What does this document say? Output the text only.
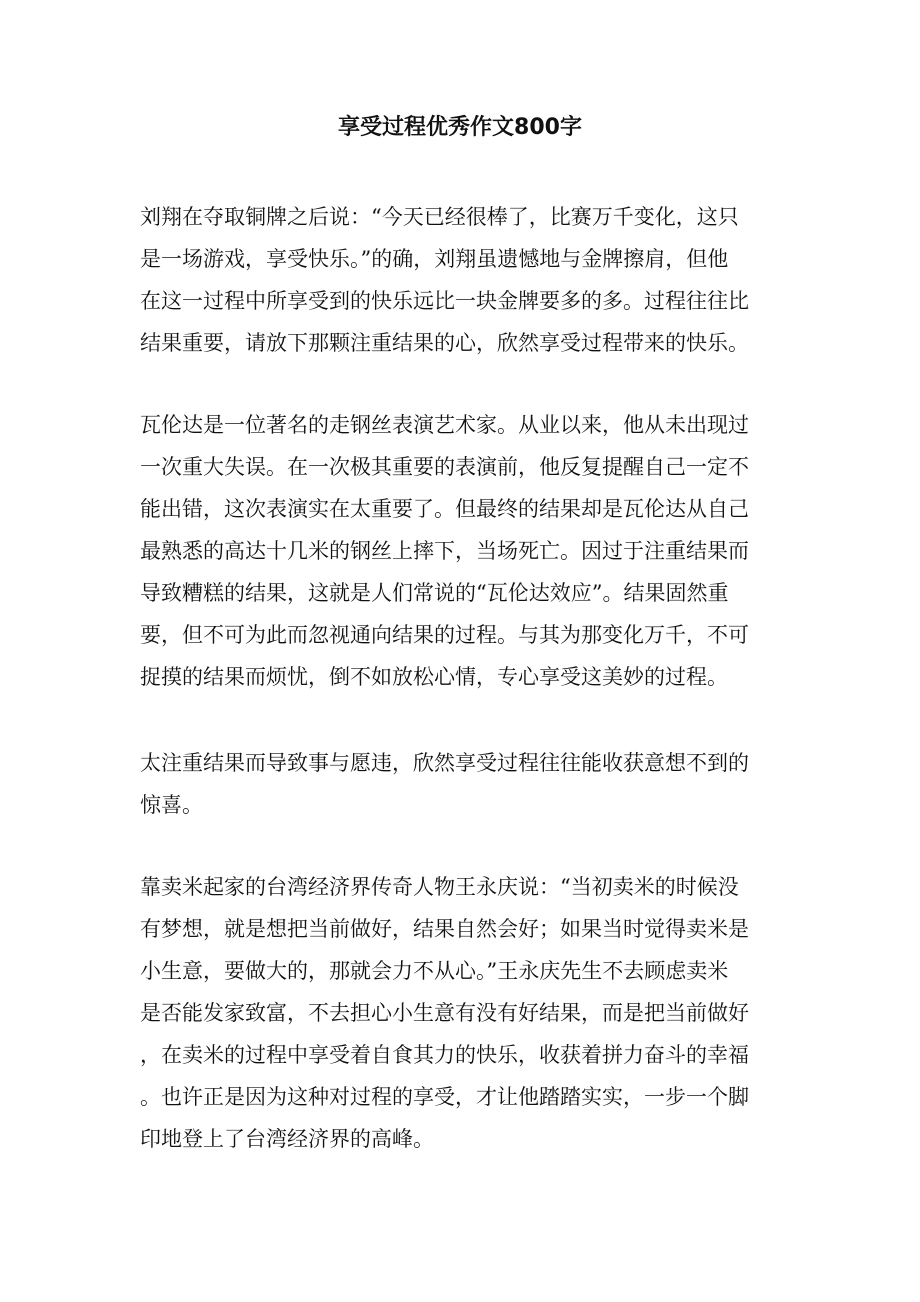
享受过程优秀作文800字
刘翔在夺取铜牌之后说：“今天已经很棒了，比赛万千变化，这只
是一场游戏，享受快乐。”的确，刘翔虽遗憾地与金牌擦肩，但他
在这一过程中所享受到的快乐远比一块金牌要多的多。过程往往比
结果重要，请放下那颗注重结果的心，欣然享受过程带来的快乐。
瓦伦达是一位著名的走钢丝表演艺术家。从业以来，他从未出现过
一次重大失误。在一次极其重要的表演前，他反复提醒自己一定不
能出错，这次表演实在太重要了。但最终的结果却是瓦伦达从自己
最熟悉的高达十几米的钢丝上摔下，当场死亡。因过于注重结果而
导致糟糕的结果，这就是人们常说的“瓦伦达效应”。结果固然重
要，但不可为此而忽视通向结果的过程。与其为那变化万千，不可
捉摸的结果而烦忧，倒不如放松心情，专心享受这美妙的过程。
太注重结果而导致事与愿违，欣然享受过程往往能收获意想不到的
惊喜。
靠卖米起家的台湾经济界传奇人物王永庆说：“当初卖米的时候没
有梦想，就是想把当前做好，结果自然会好；如果当时觉得卖米是
小生意，要做大的，那就会力不从心。”王永庆先生不去顾虑卖米
是否能发家致富，不去担心小生意有没有好结果，而是把当前做好
，在卖米的过程中享受着自食其力的快乐，收获着拼力奋斗的幸福
。也许正是因为这种对过程的享受，才让他踏踏实实，一步一个脚
印地登上了台湾经济界的高峰。
